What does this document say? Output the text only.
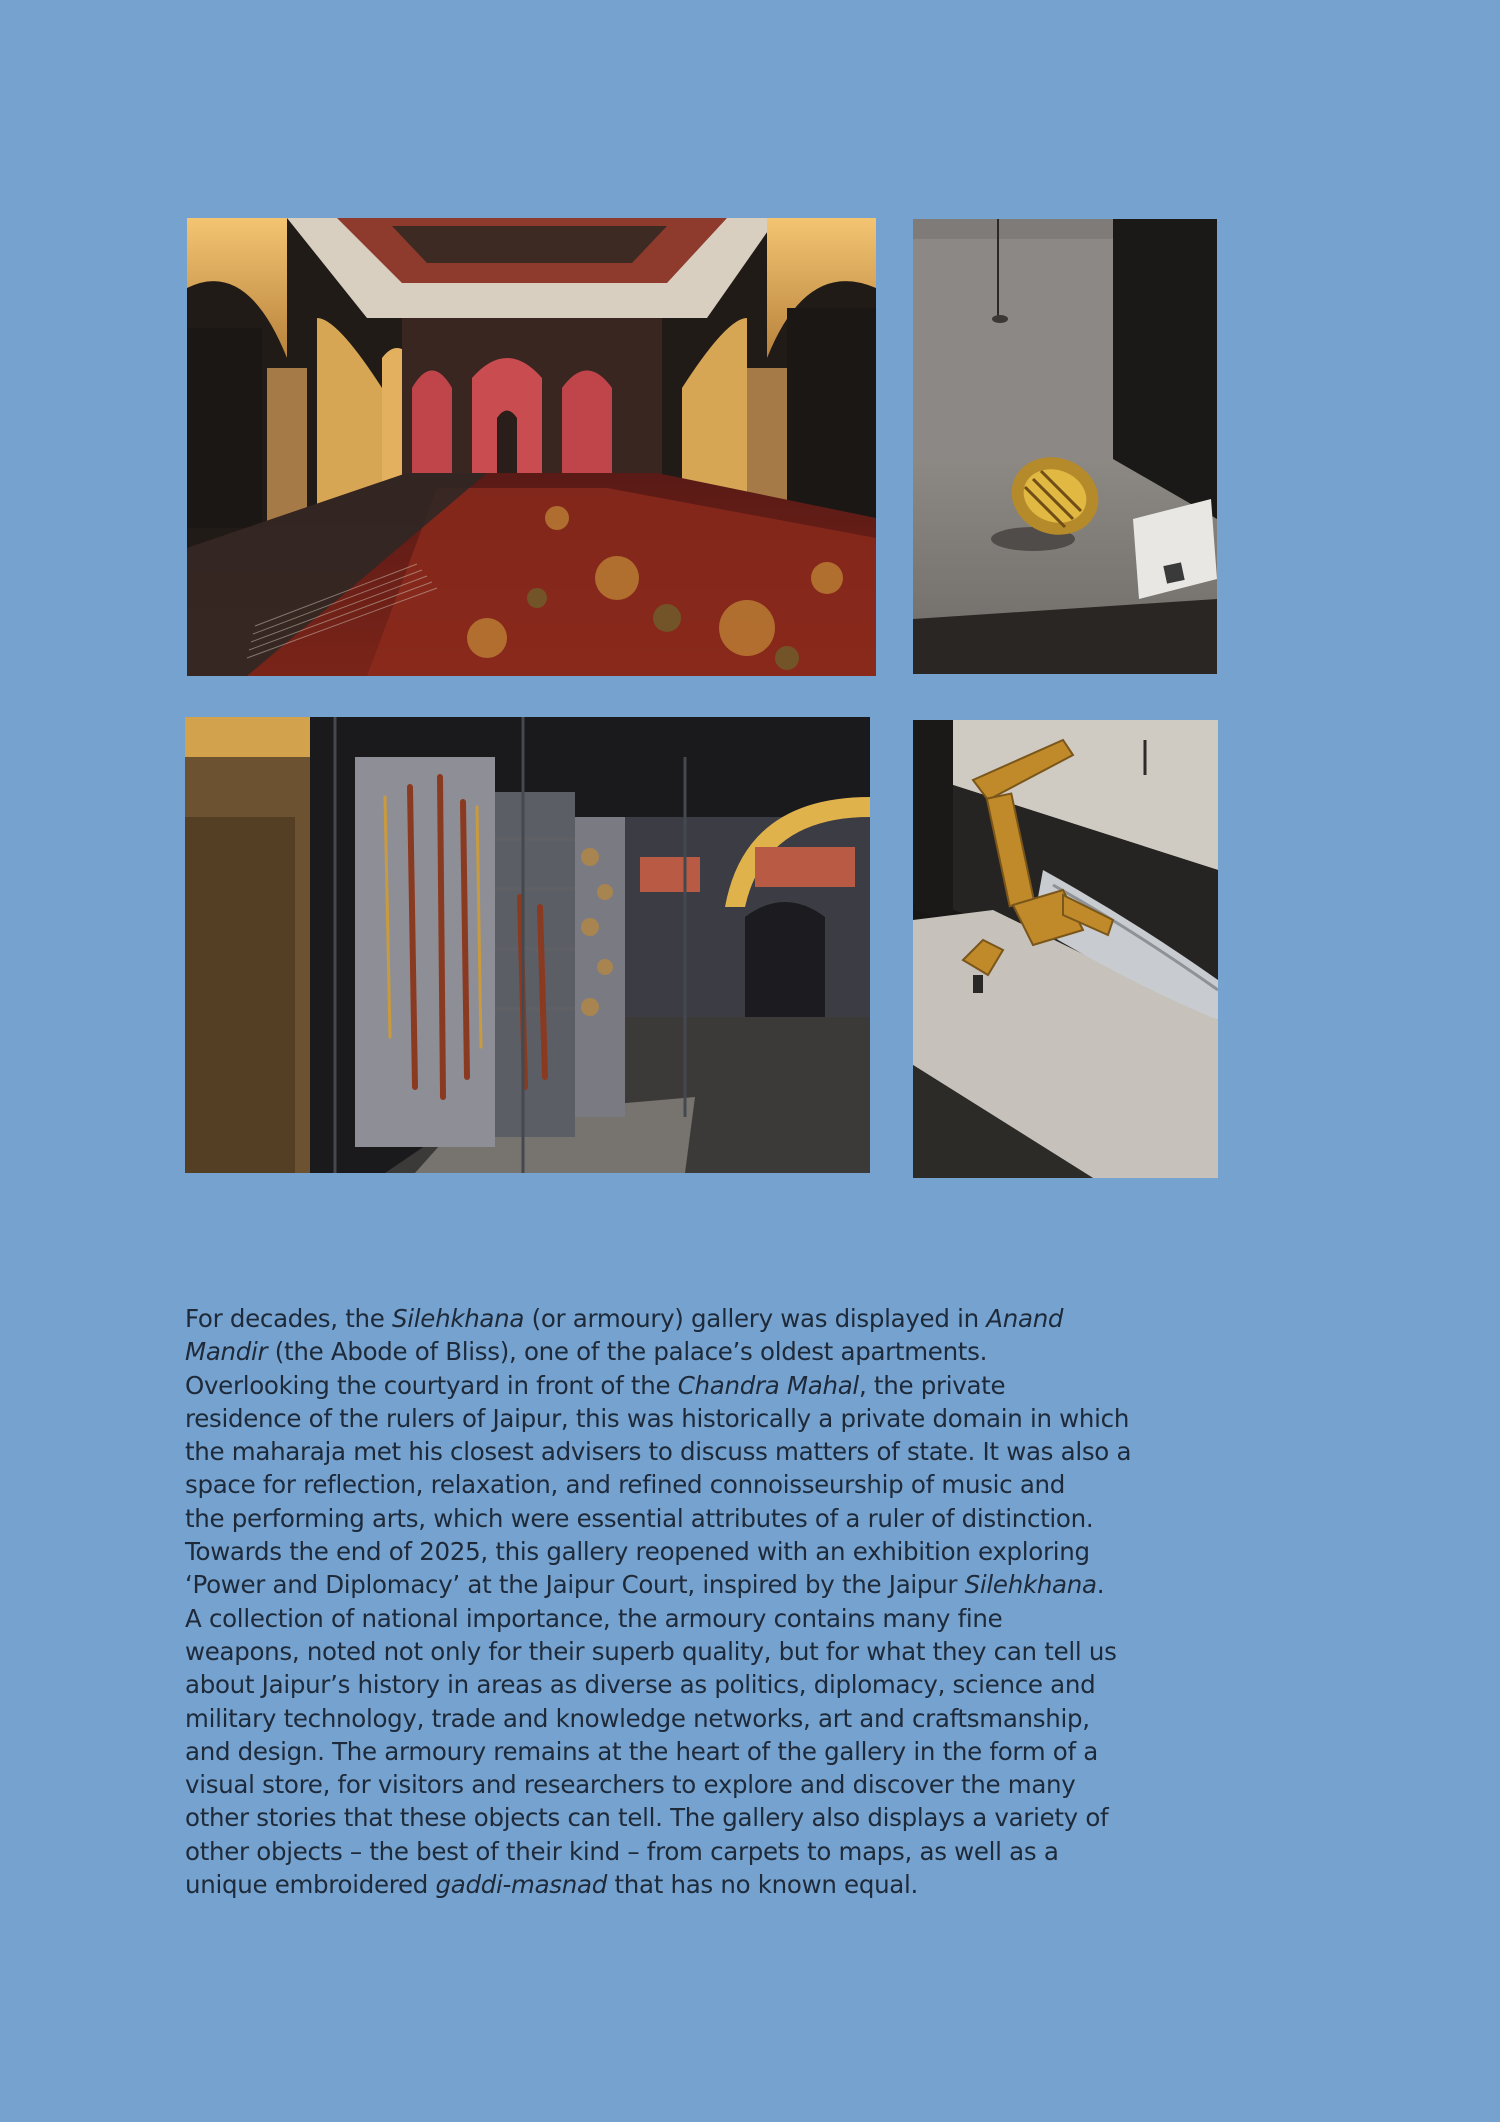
For decades, the Silehkhana (or armoury) gallery was displayed in Anand
Mandir (the Abode of Bliss), one of the palace’s oldest apartments.
Overlooking the courtyard in front of the Chandra Mahal, the private
residence of the rulers of Jaipur, this was historically a private domain in which
the maharaja met his closest advisers to discuss matters of state. It was also a
space for reflection, relaxation, and refined connoisseurship of music and
the performing arts, which were essential attributes of a ruler of distinction.
Towards the end of 2025, this gallery reopened with an exhibition exploring
‘Power and Diplomacy’ at the Jaipur Court, inspired by the Jaipur Silehkhana.
A collection of national importance, the armoury contains many fine
weapons, noted not only for their superb quality, but for what they can tell us
about Jaipur’s history in areas as diverse as politics, diplomacy, science and
military technology, trade and knowledge networks, art and craftsmanship,
and design. The armoury remains at the heart of the gallery in the form of a
visual store, for visitors and researchers to explore and discover the many
other stories that these objects can tell. The gallery also displays a variety of
other objects – the best of their kind – from carpets to maps, as well as a
unique embroidered gaddi-masnad that has no known equal.
